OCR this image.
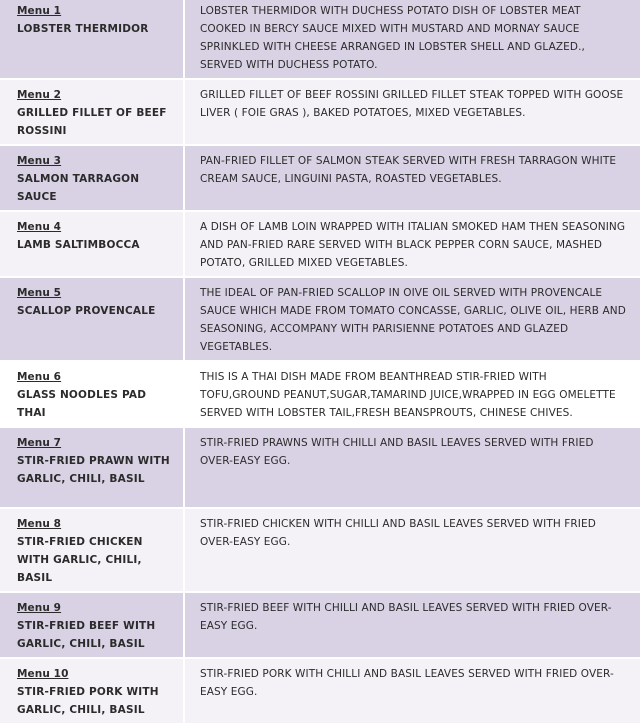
Menu 1
LOBSTER THERMIDOR	LOBSTER THERMIDOR WITH DUCHESS POTATO DISH OF LOBSTER MEAT COOKED IN BERCY SAUCE MIXED WITH MUSTARD AND MORNAY SAUCE SPRINKLED WITH CHEESE ARRANGED IN LOBSTER SHELL AND GLAZED., SERVED WITH DUCHESS POTATO.

Menu 2
GRILLED FILLET OF BEEF ROSSINI	GRILLED FILLET OF BEEF ROSSINI GRILLED FILLET STEAK TOPPED WITH GOOSE LIVER ( FOIE GRAS ), BAKED POTATOES, MIXED VEGETABLES.

Menu 3
SALMON TARRAGON SAUCE	PAN-FRIED FILLET OF SALMON STEAK SERVED WITH FRESH TARRAGON WHITE CREAM SAUCE, LINGUINI PASTA, ROASTED VEGETABLES.

Menu 4
LAMB SALTIMBOCCA	A DISH OF LAMB LOIN WRAPPED WITH ITALIAN SMOKED HAM THEN SEASONING AND PAN-FRIED RARE SERVED WITH BLACK PEPPER CORN SAUCE, MASHED POTATO, GRILLED MIXED VEGETABLES.

Menu 5
SCALLOP PROVENCALE	THE IDEAL OF PAN-FRIED SCALLOP IN OIVE OIL SERVED WITH PROVENCALE SAUCE WHICH MADE FROM TOMATO CONCASSE, GARLIC, OLIVE OIL, HERB AND SEASONING, ACCOMPANY WITH PARISIENNE POTATOES AND GLAZED VEGETABLES.

Menu 6
GLASS NOODLES PAD THAI	THIS IS A THAI DISH MADE FROM BEANTHREAD STIR-FRIED WITH TOFU,GROUND PEANUT,SUGAR,TAMARIND JUICE,WRAPPED IN EGG OMELETTE SERVED WITH LOBSTER TAIL,FRESH BEANSPROUTS, CHINESE CHIVES.

Menu 7
STIR-FRIED PRAWN WITH GARLIC, CHILI, BASIL	STIR-FRIED PRAWNS WITH CHILLI AND BASIL LEAVES SERVED WITH FRIED OVER-EASY EGG.

Menu 8
STIR-FRIED CHICKEN WITH GARLIC, CHILI, BASIL	STIR-FRIED CHICKEN WITH CHILLI AND BASIL LEAVES SERVED WITH FRIED OVER-EASY EGG.

Menu 9
STIR-FRIED BEEF WITH GARLIC, CHILI, BASIL	STIR-FRIED BEEF WITH CHILLI AND BASIL LEAVES SERVED WITH FRIED OVER-EASY EGG.

Menu 10
STIR-FRIED PORK WITH GARLIC, CHILI, BASIL	STIR-FRIED PORK WITH CHILLI AND BASIL LEAVES SERVED WITH FRIED OVER-EASY EGG.
